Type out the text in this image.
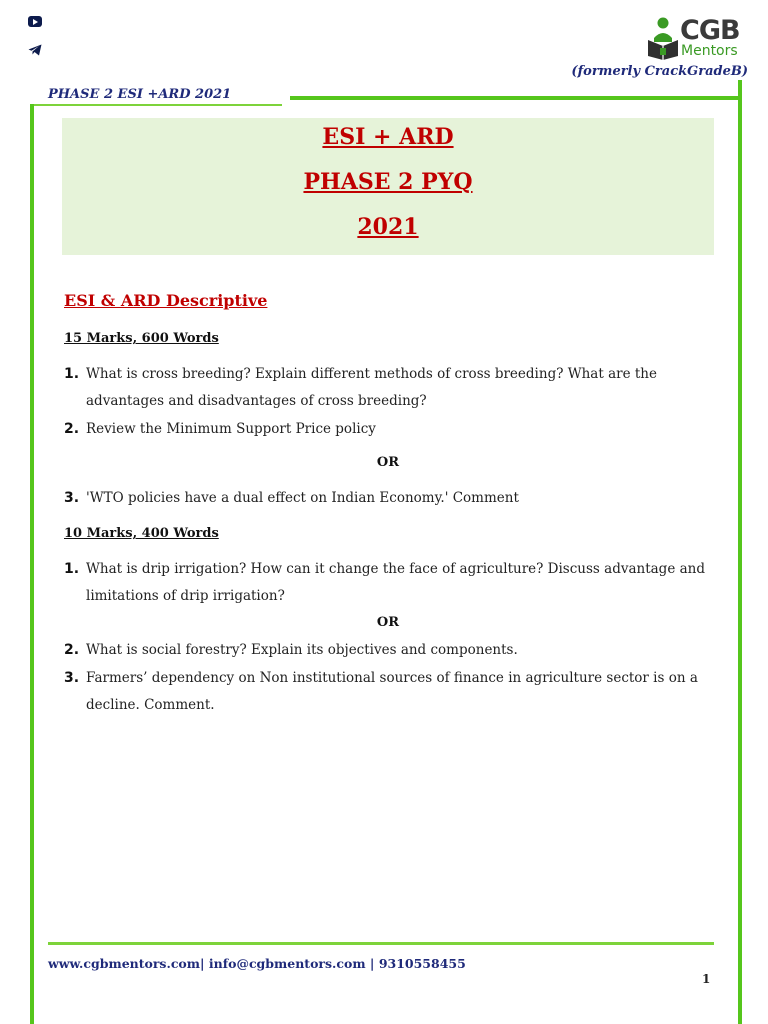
CGB
Mentors
(formerly CrackGradeB)
PHASE 2 ESI +ARD 2021
ESI + ARD
PHASE 2 PYQ
2021
ESI & ARD Descriptive
15 Marks, 600 Words
1. What is cross breeding? Explain different methods of cross breeding? What are the advantages and disadvantages of cross breeding?
2. Review the Minimum Support Price policy
OR
3. 'WTO policies have a dual effect on Indian Economy.' Comment
10 Marks, 400 Words
1. What is drip irrigation? How can it change the face of agriculture? Discuss advantage and limitations of drip irrigation?
OR
2. What is social forestry? Explain its objectives and components.
3. Farmers’ dependency on Non institutional sources of finance in agriculture sector is on a decline. Comment.
www.cgbmentors.com| info@cgbmentors.com | 9310558455
1
